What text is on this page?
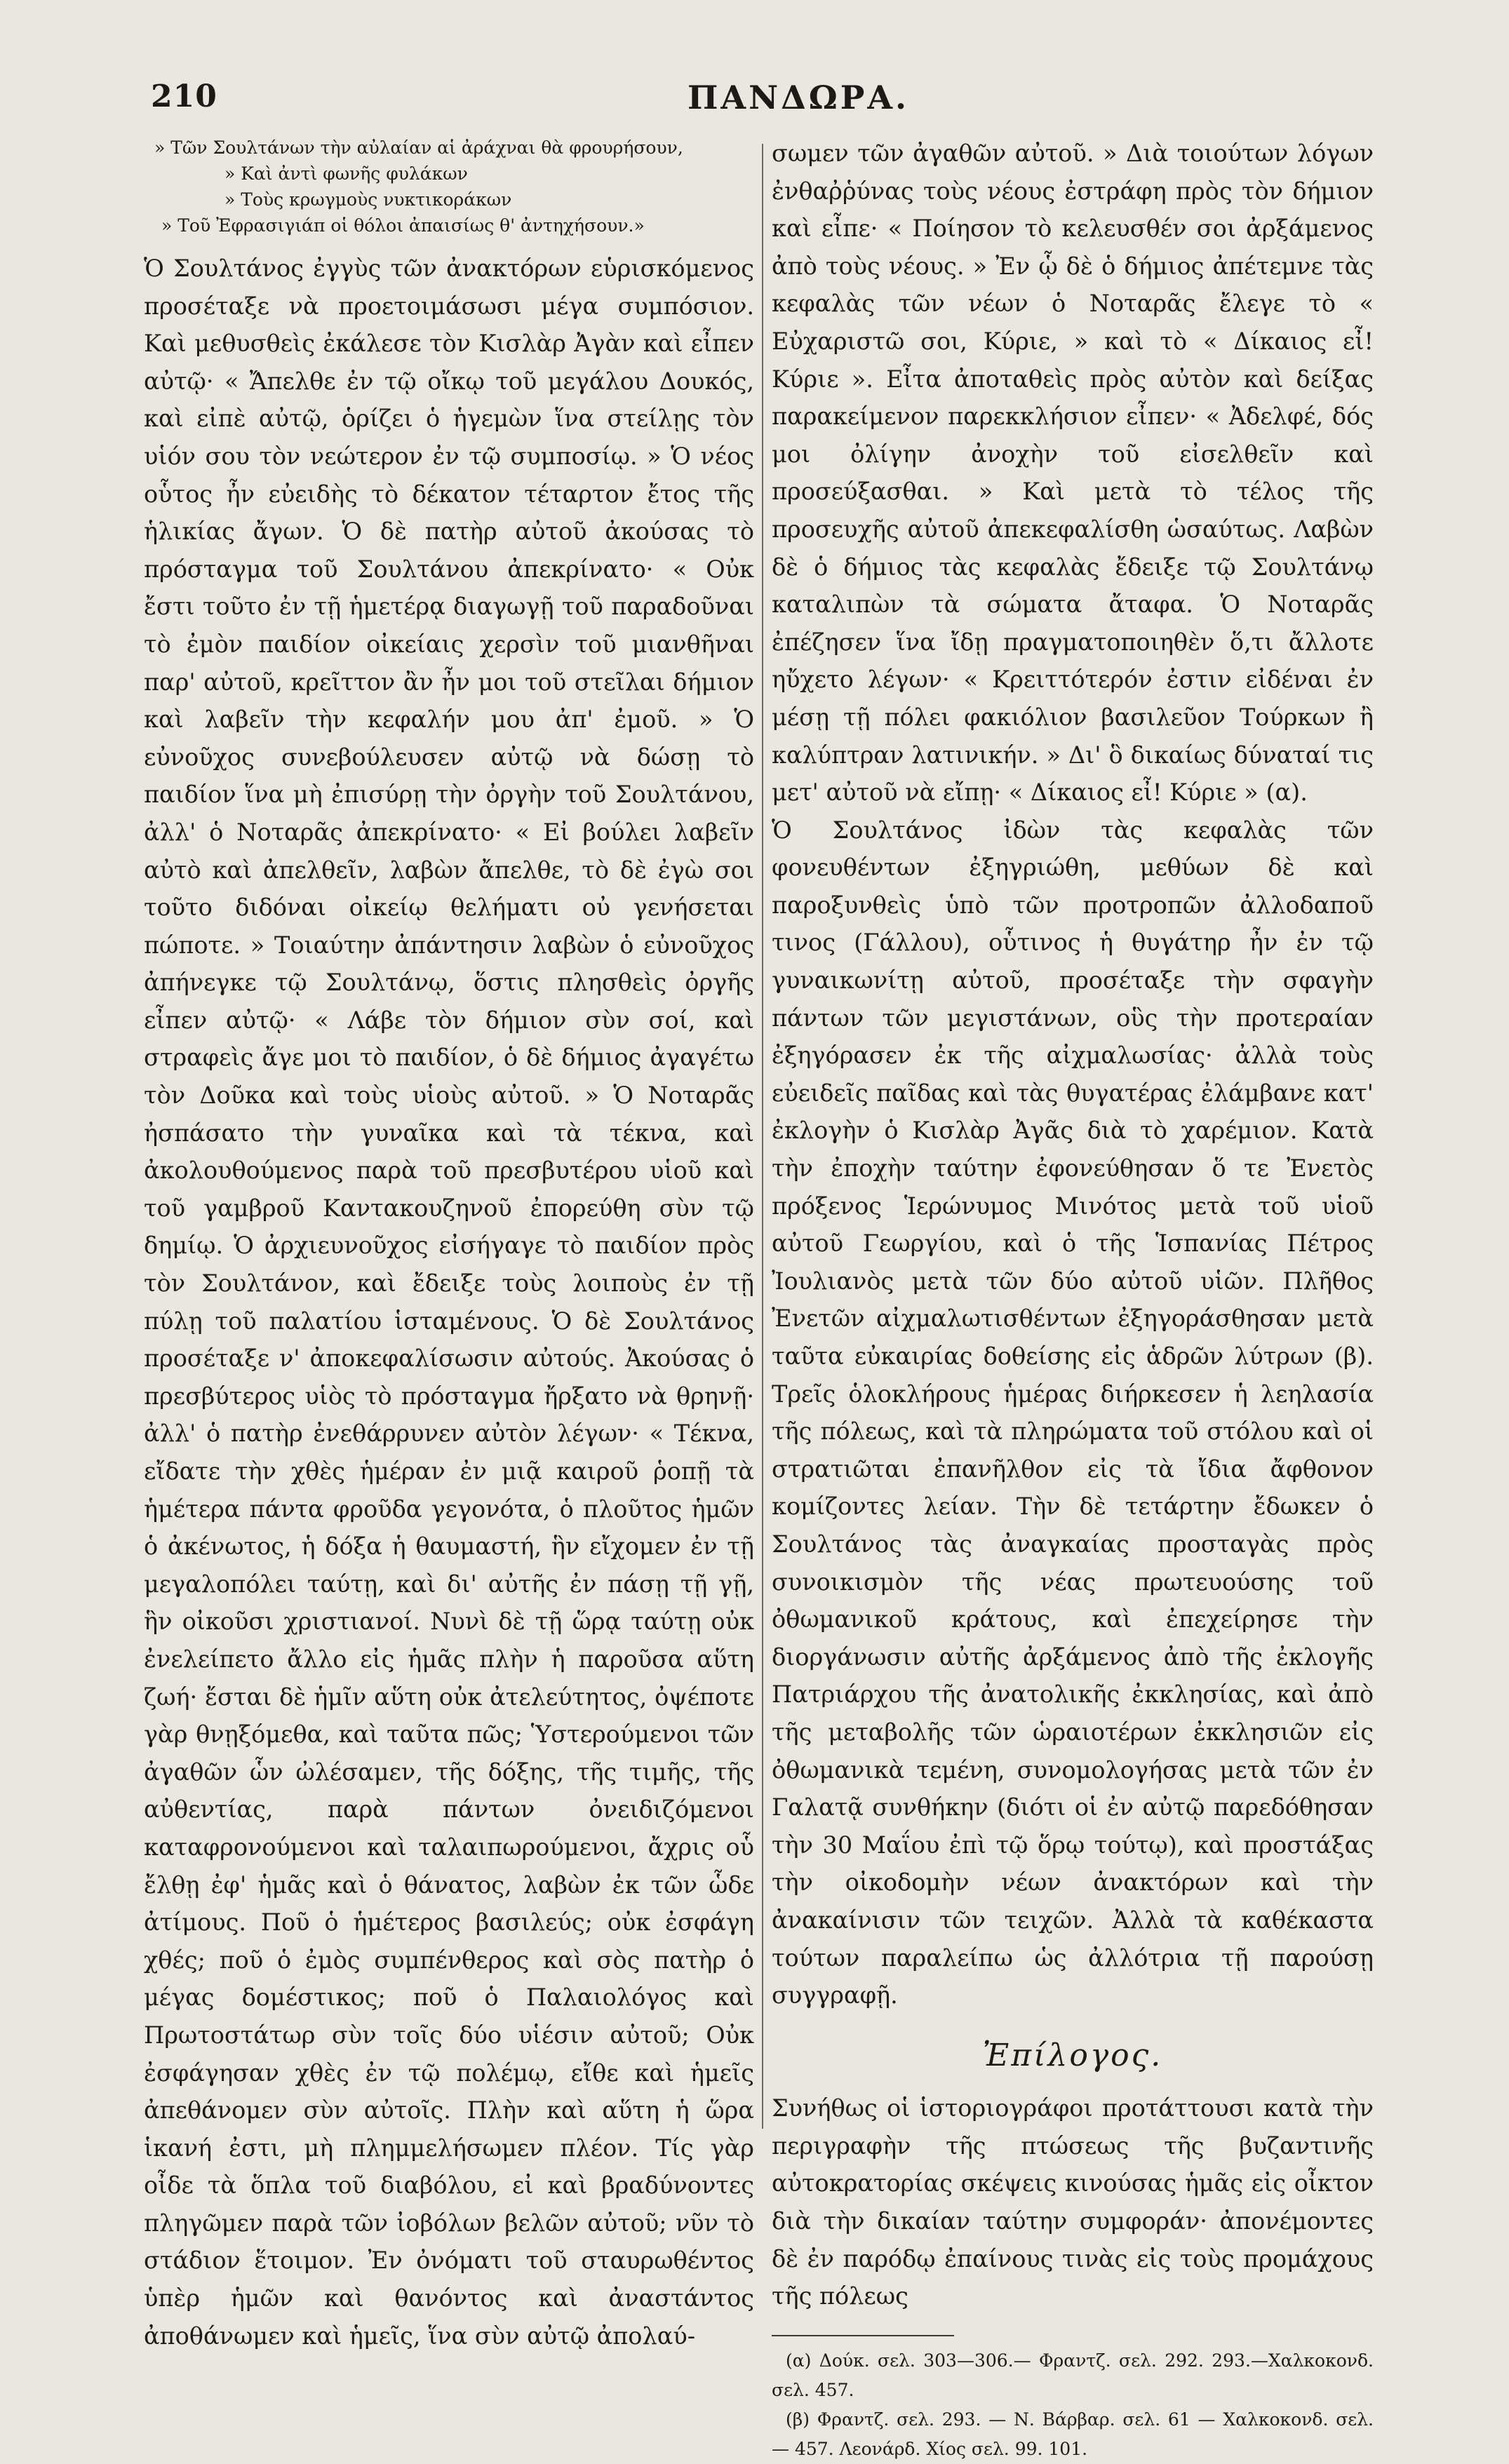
210	ΠΑΝΔΩΡΑ.
» Τῶν Σουλτάνων τὴν αὐλαίαν αἱ ἀράχναι θὰ φρουρήσουν,
» Καὶ ἀντὶ φωνῆς φυλάκων
» Τοὺς κρωγμοὺς νυκτικοράκων
» Τοῦ Ἐφρασιγιάπ οἱ θόλοι ἀπαισίως θ' ἀντηχήσουν.»

Ὁ Σουλτάνος ἐγγὺς τῶν ἀνακτόρων εὑρισκόμενος προσέταξε νὰ προετοιμάσωσι μέγα συμπόσιον. Καὶ μεθυσθεὶς ἐκάλεσε τὸν Κισλὰρ Ἀγὰν καὶ εἶπεν αὐτῷ· « Ἄπελθε ἐν τῷ οἴκῳ τοῦ μεγάλου Δουκός, καὶ εἰπὲ αὐτῷ, ὁρίζει ὁ ἡγεμὼν ἵνα στείλῃς τὸν υἱόν σου τὸν νεώτερον ἐν τῷ συμποσίῳ. » Ὁ νέος οὗτος ἦν εὐειδὴς τὸ δέκατον τέταρτον ἔτος τῆς ἡλικίας ἄγων. Ὁ δὲ πατὴρ αὐτοῦ ἀκούσας τὸ πρόσταγμα τοῦ Σουλτάνου ἀπεκρίνατο· « Οὐκ ἔστι τοῦτο ἐν τῇ ἡμετέρᾳ διαγωγῇ τοῦ παραδοῦναι τὸ ἐμὸν παιδίον οἰκείαις χερσὶν τοῦ μιανθῆναι παρ' αὐτοῦ, κρεῖττον ἂν ἦν μοι τοῦ στεῖλαι δήμιον καὶ λαβεῖν τὴν κεφαλήν μου ἀπ' ἐμοῦ. » Ὁ εὐνοῦχος συνεβούλευσεν αὐτῷ νὰ δώσῃ τὸ παιδίον ἵνα μὴ ἐπισύρῃ τὴν ὀργὴν τοῦ Σουλτάνου, ἀλλ' ὁ Νοταρᾶς ἀπεκρίνατο· « Εἰ βούλει λαβεῖν αὐτὸ καὶ ἀπελθεῖν, λαβὼν ἄπελθε, τὸ δὲ ἐγὼ σοι τοῦτο διδόναι οἰκείῳ θελήματι οὐ γενήσεται πώποτε. » Τοιαύτην ἀπάντησιν λαβὼν ὁ εὐνοῦχος ἀπήνεγκε τῷ Σουλτάνῳ, ὅστις πλησθεὶς ὀργῆς εἶπεν αὐτῷ· « Λάβε τὸν δήμιον σὺν σοί, καὶ στραφεὶς ἄγε μοι τὸ παιδίον, ὁ δὲ δήμιος ἀγαγέτω τὸν Δοῦκα καὶ τοὺς υἱοὺς αὐτοῦ. » Ὁ Νοταρᾶς ἠσπάσατο τὴν γυναῖκα καὶ τὰ τέκνα, καὶ ἀκολουθούμενος παρὰ τοῦ πρεσβυτέρου υἱοῦ καὶ τοῦ γαμβροῦ Καντακουζηνοῦ ἐπορεύθη σὺν τῷ δημίῳ. Ὁ ἀρχιευνοῦχος εἰσήγαγε τὸ παιδίον πρὸς τὸν Σουλτάνον, καὶ ἔδειξε τοὺς λοιποὺς ἐν τῇ πύλῃ τοῦ παλατίου ἱσταμένους. Ὁ δὲ Σουλτάνος προσέταξε ν' ἀποκεφαλίσωσιν αὐτούς. Ἀκούσας ὁ πρεσβύτερος υἱὸς τὸ πρόσταγμα ἤρξατο νὰ θρηνῇ· ἀλλ' ὁ πατὴρ ἐνεθάρρυνεν αὐτὸν λέγων· « Τέκνα, εἴδατε τὴν χθὲς ἡμέραν ἐν μιᾷ καιροῦ ῥοπῇ τὰ ἡμέτερα πάντα φροῦδα γεγονότα, ὁ πλοῦτος ἡμῶν ὁ ἀκένωτος, ἡ δόξα ἡ θαυμαστή, ἣν εἴχομεν ἐν τῇ μεγαλοπόλει ταύτῃ, καὶ δι' αὐτῆς ἐν πάσῃ τῇ γῇ, ἣν οἰκοῦσι χριστιανοί. Νυνὶ δὲ τῇ ὥρᾳ ταύτῃ οὐκ ἐνελείπετο ἄλλο εἰς ἡμᾶς πλὴν ἡ παροῦσα αὕτη ζωή· ἔσται δὲ ἡμῖν αὕτη οὐκ ἀτελεύτητος, ὀψέποτε γὰρ θνῃξόμεθα, καὶ ταῦτα πῶς; Ὑστερούμενοι τῶν ἀγαθῶν ὧν ὠλέσαμεν, τῆς δόξης, τῆς τιμῆς, τῆς αὐθεντίας, παρὰ πάντων ὀνειδιζόμενοι καταφρονούμενοι καὶ ταλαιπωρούμενοι, ἄχρις οὗ ἔλθῃ ἐφ' ἡμᾶς καὶ ὁ θάνατος, λαβὼν ἐκ τῶν ὧδε ἀτίμους. Ποῦ ὁ ἡμέτερος βασιλεύς; οὐκ ἐσφάγη χθές; ποῦ ὁ ἐμὸς συμπένθερος καὶ σὸς πατὴρ ὁ μέγας δομέστικος; ποῦ ὁ Παλαιολόγος καὶ Πρωτοστάτωρ σὺν τοῖς δύο υἱέσιν αὐτοῦ; Οὐκ ἐσφάγησαν χθὲς ἐν τῷ πολέμῳ, εἴθε καὶ ἡμεῖς ἀπεθάνομεν σὺν αὐτοῖς. Πλὴν καὶ αὕτη ἡ ὥρα ἱκανή ἐστι, μὴ πλημμελήσωμεν πλέον. Τίς γὰρ οἶδε τὰ ὅπλα τοῦ διαβόλου, εἰ καὶ βραδύνοντες πληγῶμεν παρὰ τῶν ἰοβόλων βελῶν αὐτοῦ; νῦν τὸ στάδιον ἕτοιμον. Ἐν ὀνόματι τοῦ σταυρωθέντος ὑπὲρ ἡμῶν καὶ θανόντος καὶ ἀναστάντος ἀποθάνωμεν καὶ ἡμεῖς, ἵνα σὺν αὐτῷ ἀπολαύ-

σωμεν τῶν ἀγαθῶν αὐτοῦ. » Διὰ τοιούτων λόγων ἐνθαῤῥύνας τοὺς νέους ἐστράφη πρὸς τὸν δήμιον καὶ εἶπε· « Ποίησον τὸ κελευσθέν σοι ἀρξάμενος ἀπὸ τοὺς νέους. » Ἐν ᾧ δὲ ὁ δήμιος ἀπέτεμνε τὰς κεφαλὰς τῶν νέων ὁ Νοταρᾶς ἔλεγε τὸ « Εὐχαριστῶ σοι, Κύριε, » καὶ τὸ « Δίκαιος εἶ! Κύριε ». Εἶτα ἀποταθεὶς πρὸς αὐτὸν καὶ δείξας παρακείμενον παρεκκλήσιον εἶπεν· « Ἀδελφέ, δός μοι ὀλίγην ἀνοχὴν τοῦ εἰσελθεῖν καὶ προσεύξασθαι. » Καὶ μετὰ τὸ τέλος τῆς προσευχῆς αὐτοῦ ἀπεκεφαλίσθη ὡσαύτως. Λαβὼν δὲ ὁ δήμιος τὰς κεφαλὰς ἔδειξε τῷ Σουλτάνῳ καταλιπὼν τὰ σώματα ἄταφα. Ὁ Νοταρᾶς ἐπέζησεν ἵνα ἴδῃ πραγματοποιηθὲν ὅ,τι ἄλλοτε ηὔχετο λέγων· « Κρειττότερόν ἐστιν εἰδέναι ἐν μέσῃ τῇ πόλει φακιόλιον βασιλεῦον Τούρκων ἢ καλύπτραν λατινικήν. » Δι' ὃ δικαίως δύναταί τις μετ' αὐτοῦ νὰ εἴπῃ· « Δίκαιος εἶ! Κύριε » (α).

Ὁ Σουλτάνος ἰδὼν τὰς κεφαλὰς τῶν φονευθέντων ἐξηγριώθη, μεθύων δὲ καὶ παροξυνθεὶς ὑπὸ τῶν προτροπῶν ἀλλοδαποῦ τινος (Γάλλου), οὗτινος ἡ θυγάτηρ ἦν ἐν τῷ γυναικωνίτῃ αὐτοῦ, προσέταξε τὴν σφαγὴν πάντων τῶν μεγιστάνων, οὓς τὴν προτεραίαν ἐξηγόρασεν ἐκ τῆς αἰχμαλωσίας· ἀλλὰ τοὺς εὐειδεῖς παῖδας καὶ τὰς θυγατέρας ἐλάμβανε κατ' ἐκλογὴν ὁ Κισλὰρ Ἀγᾶς διὰ τὸ χαρέμιον. Κατὰ τὴν ἐποχὴν ταύτην ἐφονεύθησαν ὅ τε Ἐνετὸς πρόξενος Ἱερώνυμος Μινότος μετὰ τοῦ υἱοῦ αὐτοῦ Γεωργίου, καὶ ὁ τῆς Ἱσπανίας Πέτρος Ἰουλιανὸς μετὰ τῶν δύο αὐτοῦ υἱῶν. Πλῆθος Ἐνετῶν αἰχμαλωτισθέντων ἐξηγοράσθησαν μετὰ ταῦτα εὐκαιρίας δοθείσης εἰς ἁδρῶν λύτρων (β). Τρεῖς ὁλοκλήρους ἡμέρας διήρκεσεν ἡ λεηλασία τῆς πόλεως, καὶ τὰ πληρώματα τοῦ στόλου καὶ οἱ στρατιῶται ἐπανῆλθον εἰς τὰ ἴδια ἄφθονον κομίζοντες λείαν. Τὴν δὲ τετάρτην ἔδωκεν ὁ Σουλτάνος τὰς ἀναγκαίας προσταγὰς πρὸς συνοικισμὸν τῆς νέας πρωτευούσης τοῦ ὀθωμανικοῦ κράτους, καὶ ἐπεχείρησε τὴν διοργάνωσιν αὐτῆς ἀρξάμενος ἀπὸ τῆς ἐκλογῆς Πατριάρχου τῆς ἀνατολικῆς ἐκκλησίας, καὶ ἀπὸ τῆς μεταβολῆς τῶν ὡραιοτέρων ἐκκλησιῶν εἰς ὀθωμανικὰ τεμένη, συνομολογήσας μετὰ τῶν ἐν Γαλατᾷ συνθήκην (διότι οἱ ἐν αὐτῷ παρεδόθησαν τὴν 30 Μαΐου ἐπὶ τῷ ὅρῳ τούτῳ), καὶ προστάξας τὴν οἰκοδομὴν νέων ἀνακτόρων καὶ τὴν ἀνακαίνισιν τῶν τειχῶν. Ἀλλὰ τὰ καθέκαστα τούτων παραλείπω ὡς ἀλλότρια τῇ παρούσῃ συγγραφῇ.

Ἐπίλογος.

Συνήθως οἱ ἱστοριογράφοι προτάττουσι κατὰ τὴν περιγραφὴν τῆς πτώσεως τῆς βυζαντινῆς αὐτοκρατορίας σκέψεις κινούσας ἡμᾶς εἰς οἶκτον διὰ τὴν δικαίαν ταύτην συμφοράν· ἀπονέμοντες δὲ ἐν παρόδῳ ἐπαίνους τινὰς εἰς τοὺς προμάχους τῆς πόλεως

(α) Δούκ. σελ. 303—306.— Φραντζ. σελ. 292. 293.—Χαλκοκονδ. σελ. 457.
(β) Φραντζ. σελ. 293. — Ν. Βάρβαρ. σελ. 61 — Χαλκοκονδ. σελ. — 457. Λεονάρδ. Χίος σελ. 99. 101.
